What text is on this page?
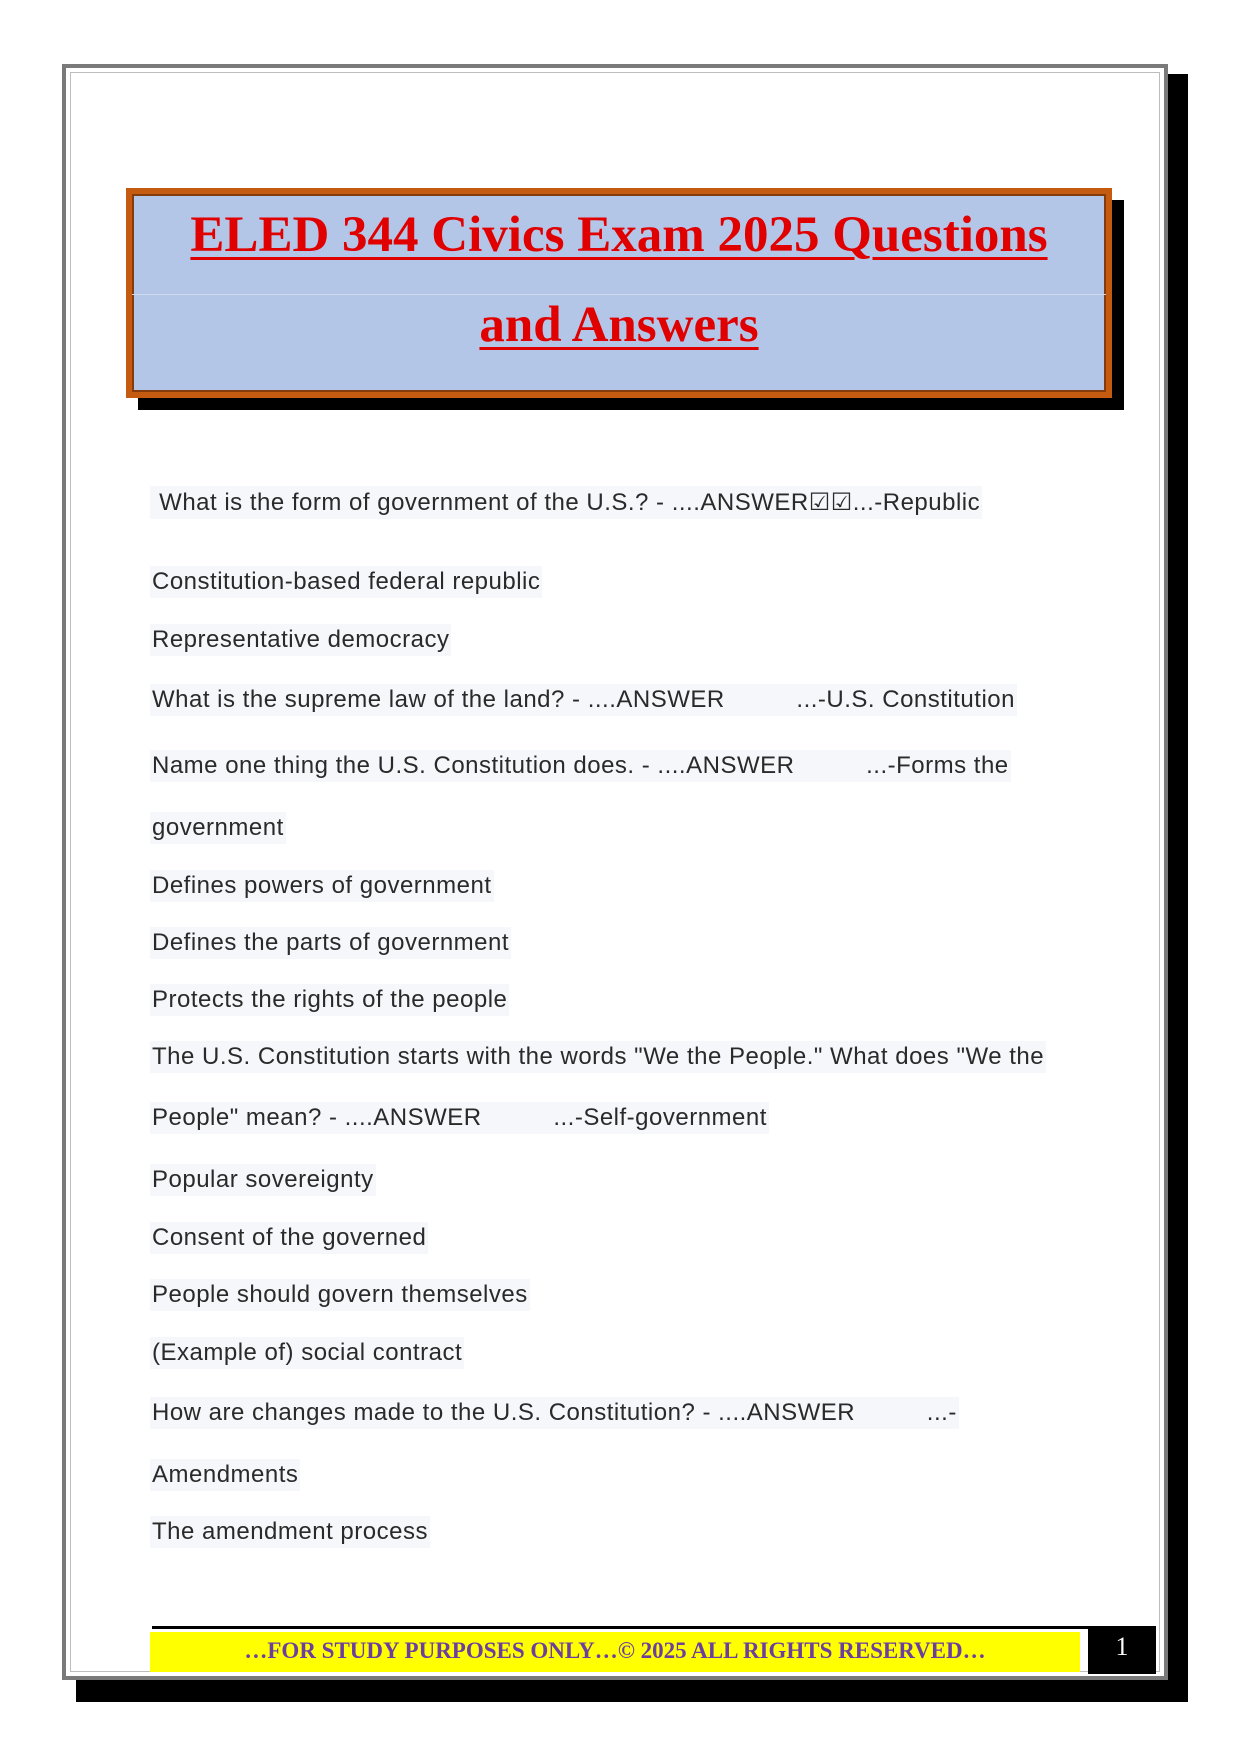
ELED 344 Civics Exam 2025 Questions
and Answers
What is the form of government of the U.S.? - ....ANSWER☑☑...-Republic
Constitution-based federal republic
Representative democracy
What is the supreme law of the land? - ....ANSWER          ...-U.S. Constitution
Name one thing the U.S. Constitution does. - ....ANSWER          ...-Forms the
government
Defines powers of government
Defines the parts of government
Protects the rights of the people
The U.S. Constitution starts with the words "We the People." What does "We the
People" mean? - ....ANSWER          ...-Self-government
Popular sovereignty
Consent of the governed
People should govern themselves
(Example of) social contract
How are changes made to the U.S. Constitution? - ....ANSWER          ...-
Amendments
The amendment process
…FOR STUDY PURPOSES ONLY…© 2025 ALL RIGHTS RESERVED…	1
